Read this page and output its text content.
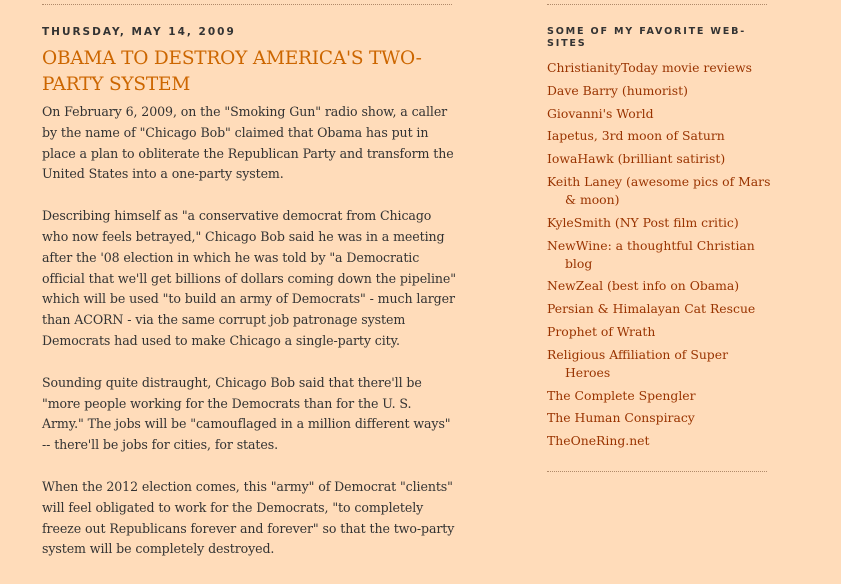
THURSDAY, MAY 14, 2009
OBAMA TO DESTROY AMERICA'S TWO-PARTY SYSTEM

On February 6, 2009, on the "Smoking Gun" radio show, a caller by the name of "Chicago Bob" claimed that Obama has put in place a plan to obliterate the Republican Party and transform the United States into a one-party system.

Describing himself as "a conservative democrat from Chicago who now feels betrayed," Chicago Bob said he was in a meeting after the '08 election in which he was told by "a Democratic official that we'll get billions of dollars coming down the pipeline" which will be used "to build an army of Democrats" - much larger than ACORN - via the same corrupt job patronage system Democrats had used to make Chicago a single-party city.

Sounding quite distraught, Chicago Bob said that there'll be "more people working for the Democrats than for the U. S. Army." The jobs will be "camouflaged in a million different ways" -- there'll be jobs for cities, for states.

When the 2012 election comes, this "army" of Democrat "clients" will feel obligated to work for the Democrats, "to completely freeze out Republicans forever and forever" so that the two-party system will be completely destroyed.

SOME OF MY FAVORITE WEB-SITES
ChristianityToday movie reviews
Dave Barry (humorist)
Giovanni's World
Iapetus, 3rd moon of Saturn
IowaHawk (brilliant satirist)
Keith Laney (awesome pics of Mars & moon)
KyleSmith (NY Post film critic)
NewWine: a thoughtful Christian blog
NewZeal (best info on Obama)
Persian & Himalayan Cat Rescue
Prophet of Wrath
Religious Affiliation of Super Heroes
The Complete Spengler
The Human Conspiracy
TheOneRing.net
